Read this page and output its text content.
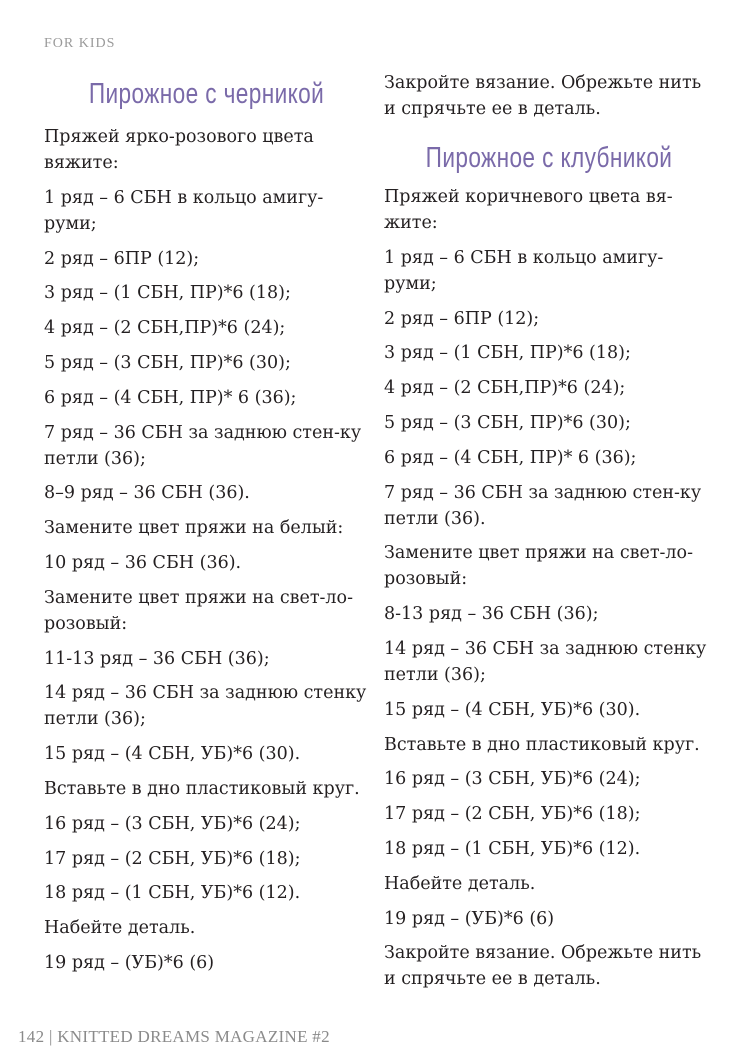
FOR KIDS
Пирожное с черникой
Пряжей ярко-розового цвета вяжите:
1 ряд – 6 СБН в кольцо амигу-руми;
2 ряд – 6ПР (12);
3 ряд – (1 СБН, ПР)*6 (18);
4 ряд – (2 СБН,ПР)*6 (24);
5 ряд – (3 СБН, ПР)*6 (30);
6 ряд – (4 СБН, ПР)* 6 (36);
7 ряд – 36 СБН за заднюю стен-ку петли (36);
8–9 ряд – 36 СБН (36).
Замените цвет пряжи на белый:
10 ряд – 36 СБН (36).
Замените цвет пряжи на свет-ло-розовый:
11-13 ряд – 36 СБН (36);
14 ряд – 36 СБН за заднюю стенку петли (36);
15 ряд – (4 СБН, УБ)*6 (30).
Вставьте в дно пластиковый круг.
16 ряд – (3 СБН, УБ)*6 (24);
17 ряд – (2 СБН, УБ)*6 (18);
18 ряд – (1 СБН, УБ)*6 (12).
Набейте деталь.
19 ряд – (УБ)*6 (6)
Закройте вязание. Обрежьте нить и спрячьте ее в деталь.
Пирожное с клубникой
Пряжей коричневого цвета вя-жите:
1 ряд – 6 СБН в кольцо амигу-руми;
2 ряд – 6ПР (12);
3 ряд – (1 СБН, ПР)*6 (18);
4 ряд – (2 СБН,ПР)*6 (24);
5 ряд – (3 СБН, ПР)*6 (30);
6 ряд – (4 СБН, ПР)* 6 (36);
7 ряд – 36 СБН за заднюю стен-ку петли (36).
Замените цвет пряжи на свет-ло-розовый:
8-13 ряд – 36 СБН (36);
14 ряд – 36 СБН за заднюю стенку петли (36);
15 ряд – (4 СБН, УБ)*6 (30).
Вставьте в дно пластиковый круг.
16 ряд – (3 СБН, УБ)*6 (24);
17 ряд – (2 СБН, УБ)*6 (18);
18 ряд – (1 СБН, УБ)*6 (12).
Набейте деталь.
19 ряд – (УБ)*6 (6)
Закройте вязание. Обрежьте нить и спрячьте ее в деталь.
142 | KNITTED DREAMS MAGAZINE #2
